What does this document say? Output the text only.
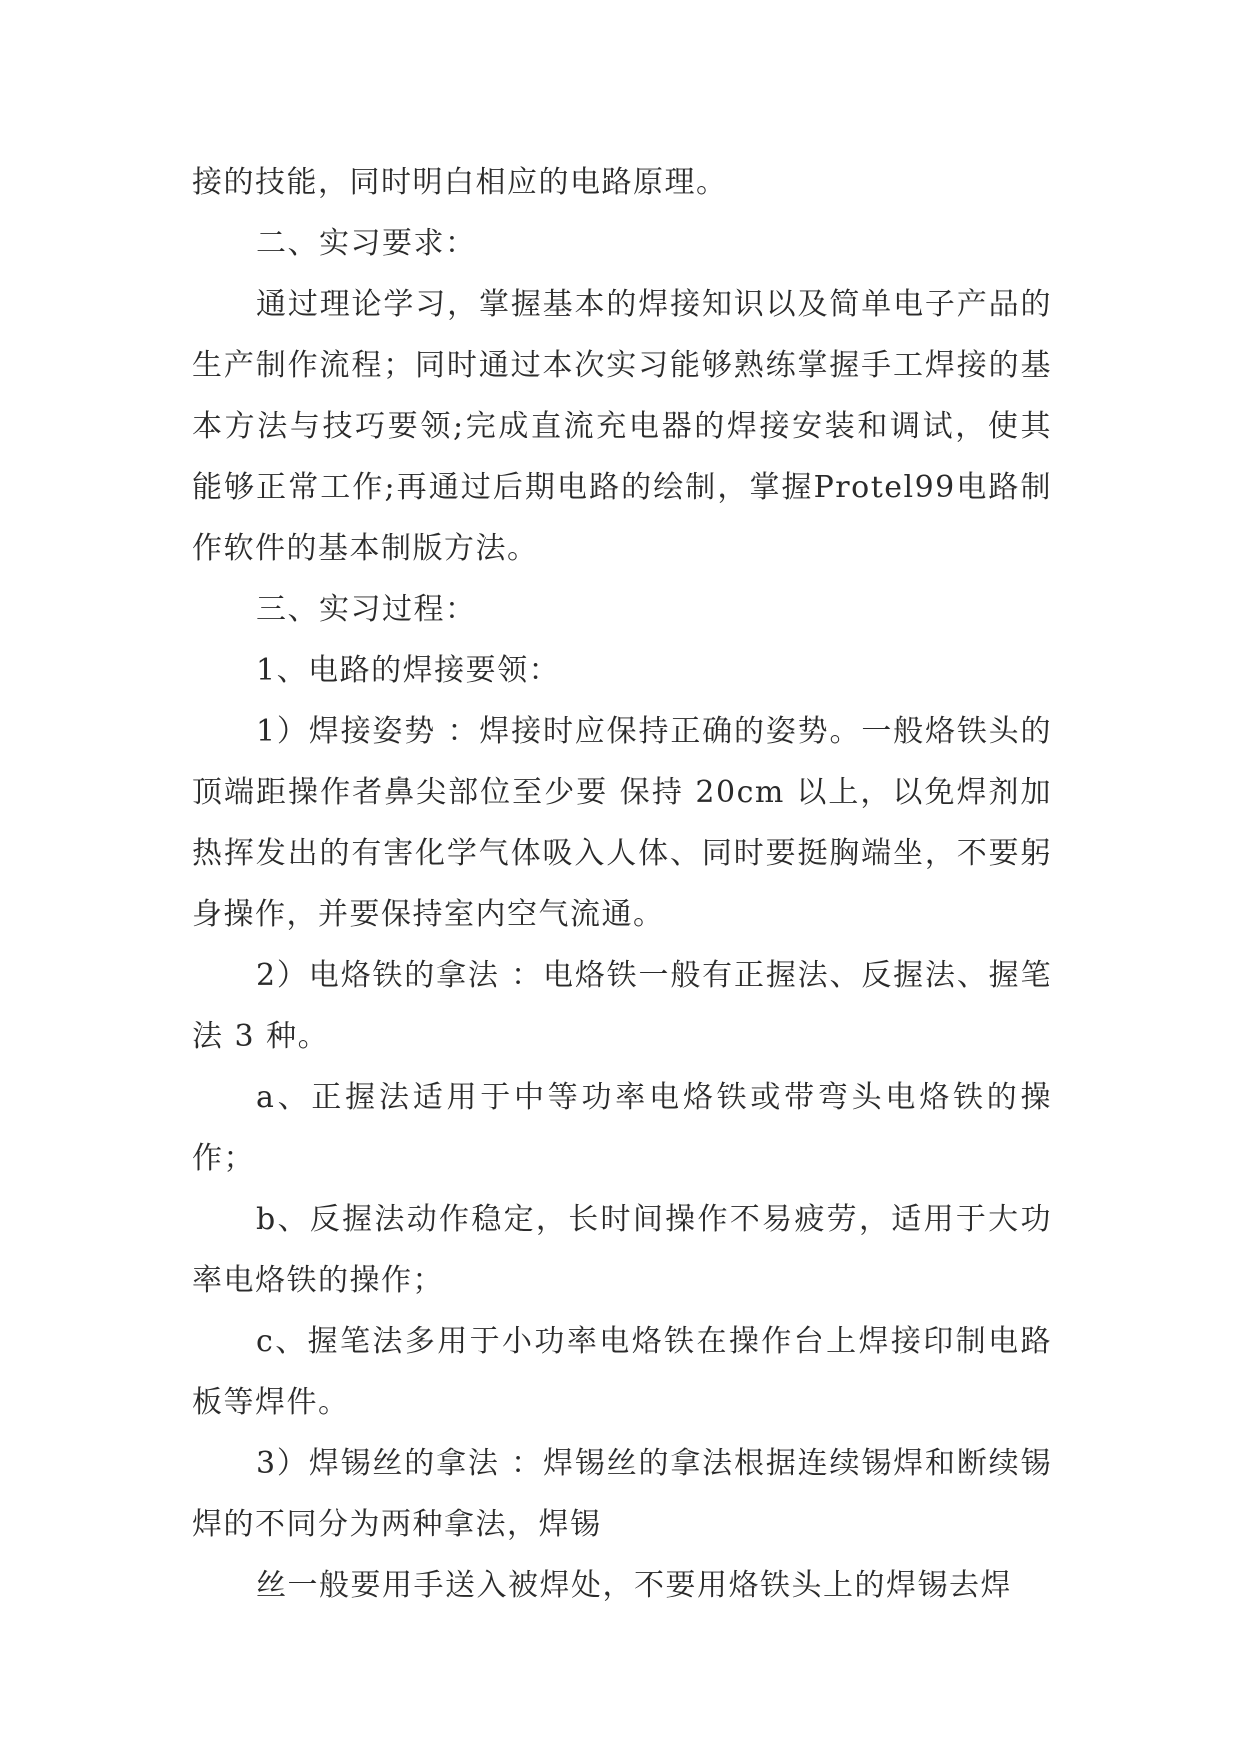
接的技能，同时明白相应的电路原理。

二、实习要求：

通过理论学习，掌握基本的焊接知识以及简单电子产品的生产制作流程；同时通过本次实习能够熟练掌握手工焊接的基本方法与技巧要领;完成直流充电器的焊接安装和调试，使其能够正常工作;再通过后期电路的绘制，掌握Protel99电路制作软件的基本制版方法。

三、实习过程：

1、电路的焊接要领：

1）焊接姿势 ：焊接时应保持正确的姿势。一般烙铁头的顶端距操作者鼻尖部位至少要 保持 20cm 以上，以免焊剂加热挥发出的有害化学气体吸入人体、同时要挺胸端坐，不要躬身操作，并要保持室内空气流通。

2）电烙铁的拿法 ：电烙铁一般有正握法、反握法、握笔法 3 种。

a、正握法适用于中等功率电烙铁或带弯头电烙铁的操作；

b、反握法动作稳定，长时间操作不易疲劳，适用于大功率电烙铁的操作；

c、握笔法多用于小功率电烙铁在操作台上焊接印制电路板等焊件。

3）焊锡丝的拿法 ：焊锡丝的拿法根据连续锡焊和断续锡焊的不同分为两种拿法，焊锡

丝一般要用手送入被焊处，不要用烙铁头上的焊锡去焊
